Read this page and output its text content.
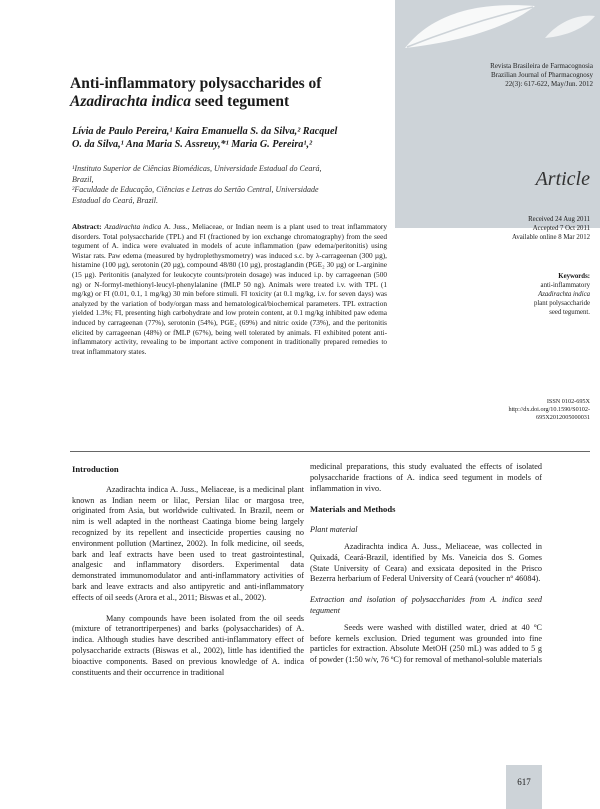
Revista Brasileira de Farmacognosia
Brazilian Journal of Pharmacognosy
22(3): 617-622, May/Jun. 2012
Article
Anti-inflammatory polysaccharides of
Azadirachta indica seed tegument
Lívia de Paulo Pereira,¹ Kaira Emanuella S. da Silva,² Racquel
O. da Silva,¹ Ana Maria S. Assreuy,*¹ Maria G. Pereira¹,²
¹Instituto Superior de Ciências Biomédicas, Universidade Estadual do Ceará,
Brazil,
²Faculdade de Educação, Ciências e Letras do Sertão Central, Universidade
Estadual do Ceará, Brazil.
Abstract: Azadirachta indica A. Juss., Meliaceae, or Indian neem is a plant used to treat inflammatory disorders. Total polysaccharide (TPL) and FI (fractioned by ion exchange chromatography) from the seed tegument of A. indica were evaluated in models of acute inflammation (paw edema/peritonitis) using Wistar rats. Paw edema (measured by hydroplethysmometry) was induced s.c. by λ-carrageenan (300 µg), histamine (100 µg), serotonin (20 µg), compound 48/80 (10 µg), prostaglandin (PGE₂ 30 µg) or L-arginine (15 µg). Peritonitis (analyzed for leukocyte counts/protein dosage) was induced i.p. by carrageenan (500 ng) or N-formyl-methionyl-leucyl-phenylalanine (fMLP 50 ng). Animals were treated i.v. with TPL (1 mg/kg) or FI (0.01, 0.1, 1 mg/kg) 30 min before stimuli. FI toxicity (at 0.1 mg/kg, i.v. for seven days) was analyzed by the variation of body/organ mass and hematological/biochemical parameters. TPL extraction yielded 1.3%; FI, presenting high carbohydrate and low protein content, at 0.1 mg/kg inhibited paw edema induced by carrageenan (77%), serotonin (54%), PGE₂ (69%) and nitric oxide (73%), and the peritonitis elicited by carrageenan (48%) or fMLP (67%), being well tolerated by animals. FI exhibited potent anti-inflammatory activity, revealing to be important active component in traditionally prepared remedies to treat inflammatory states.
Received 24 Aug 2011
Accepted 7 Oct 2011
Available online 8 Mar 2012
Keywords:
anti-inflammatory
Azadirachta indica
plant polysaccharide
seed tegument.
ISSN 0102-695X
http://dx.doi.org/10.1590/S0102-
695X2012005000031
Introduction

Azadirachta indica A. Juss., Meliaceae, is a medicinal plant known as Indian neem or lilac, Persian lilac or margosa tree, originated from Asia, but worldwide cultivated. In Brazil, neem or nim is well adapted in the northeast Caatinga biome being largely recognized by its repellent and insecticide properties causing no environment pollution (Martinez, 2002). In folk medicine, oil seeds, bark and leaf extracts have been used to treat gastrointestinal, analgesic and inflammatory disorders. Experimental data demonstrated immunomodulator and anti-inflammatory activities of bark and leave extracts and also antipyretic and anti-inflammatory effects of oil seeds (Arora et al., 2011; Biswas et al., 2002).

Many compounds have been isolated from the oil seeds (mixture of tetranortriperpenes) and barks (polysaccharides) of A. indica. Although studies have described anti-inflammatory effect of polysaccharide extracts (Biswas et al., 2002), little has identified the bioactive components. Based on previous knowledge of A. indica constituents and their occurrence in traditional

medicinal preparations, this study evaluated the effects of isolated polysaccharide fractions of A. indica seed tegument in models of inflammation in vivo.

Materials and Methods
Plant material

Azadirachta indica A. Juss., Meliaceae, was collected in Quixadá, Ceará-Brazil, identified by Ms. Vaneicia dos S. Gomes (State University of Ceara) and exsicata deposited in the Prisco Bezerra herbarium of Federal University of Ceará (voucher nº 46084).

Extraction and isolation of polysaccharides from A. indica seed tegument

Seeds were washed with distilled water, dried at 40 ºC before kernels exclusion. Dried tegument was grounded into fine particles for extraction. Absolute MetOH (250 mL) was added to 5 g of powder (1:50 w/v, 76 ºC) for removal of methanol-soluble materials

617
